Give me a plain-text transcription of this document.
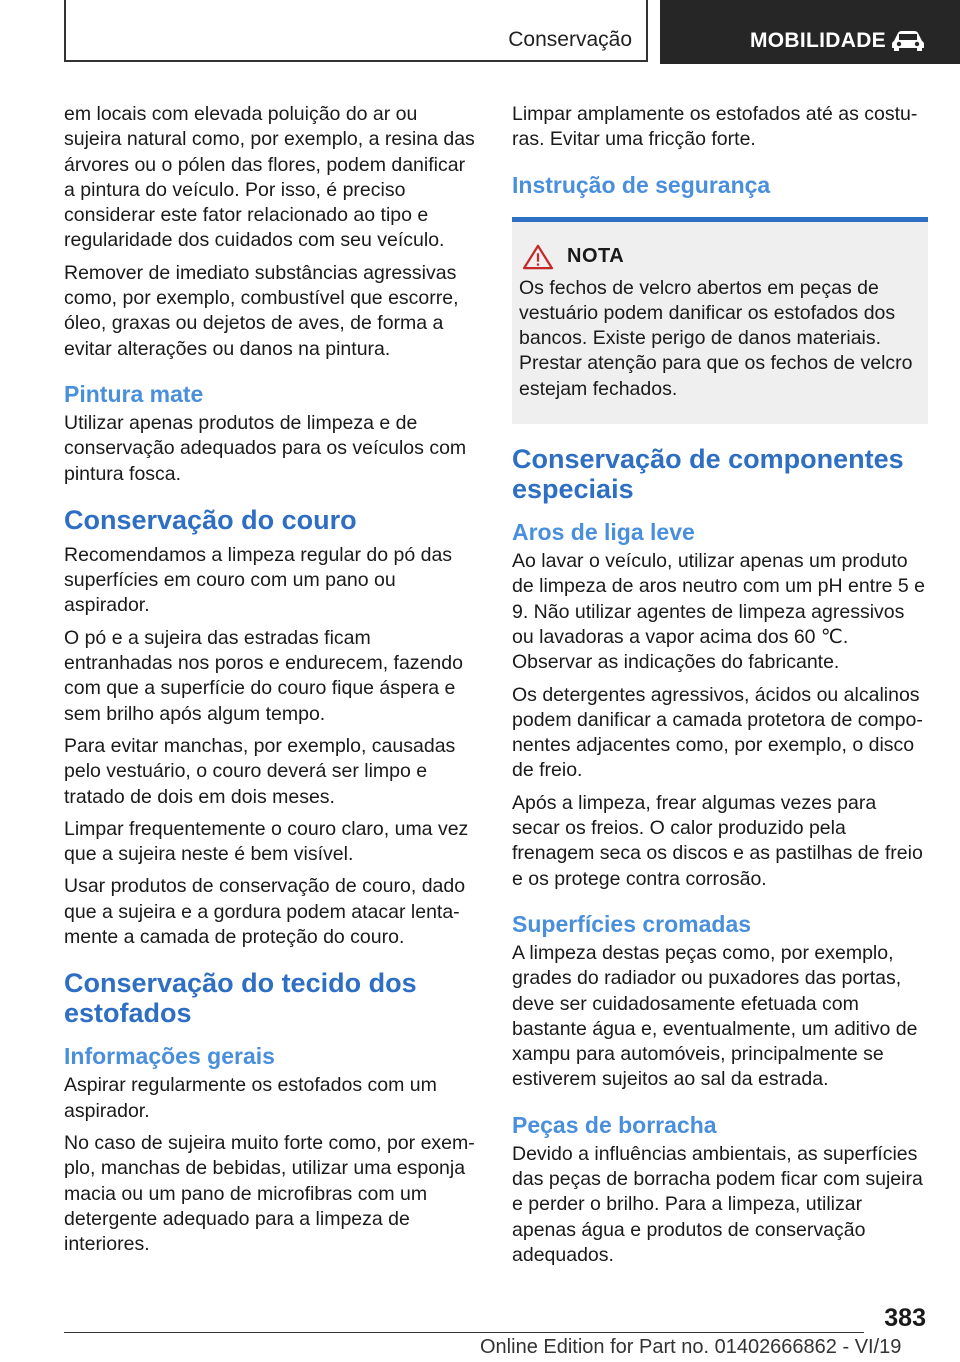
Conservação	MOBILIDADE

em locais com elevada poluição do ar ou sujeira natural como, por exemplo, a resina das árvores ou o pólen das flores, podem danificar a pintura do veículo. Por isso, é preciso considerar este fator relacionado ao tipo e regularidade dos cuidados com seu veículo.

Remover de imediato substâncias agressivas como, por exemplo, combustível que escorre, óleo, graxas ou dejetos de aves, de forma a evitar alterações ou danos na pintura.

Pintura mate

Utilizar apenas produtos de limpeza e de conservação adequados para os veículos com pintura fosca.

Conservação do couro

Recomendamos a limpeza regular do pó das superfícies em couro com um pano ou aspirador.

O pó e a sujeira das estradas ficam entranhadas nos poros e endurecem, fazendo com que a superfície do couro fique áspera e sem brilho após algum tempo.

Para evitar manchas, por exemplo, causadas pelo vestuário, o couro deverá ser limpo e tratado de dois em dois meses.

Limpar frequentemente o couro claro, uma vez que a sujeira neste é bem visível.

Usar produtos de conservação de couro, dado que a sujeira e a gordura podem atacar lentamente a camada de proteção do couro.

Conservação do tecido dos estofados
Informações gerais

Aspirar regularmente os estofados com um aspirador.

No caso de sujeira muito forte como, por exemplo, manchas de bebidas, utilizar uma esponja macia ou um pano de microfibras com um detergente adequado para a limpeza de interiores.

Limpar amplamente os estofados até as costuras. Evitar uma fricção forte.

Instrução de segurança
NOTA

Os fechos de velcro abertos em peças de vestuário podem danificar os estofados dos bancos. Existe perigo de danos materiais. Prestar atenção para que os fechos de velcro estejam fechados.

Conservação de componentes especiais
Aros de liga leve

Ao lavar o veículo, utilizar apenas um produto de limpeza de aros neutro com um pH entre 5 e 9. Não utilizar agentes de limpeza agressivos ou lavadoras a vapor acima dos 60 ℃. Observar as indicações do fabricante.

Os detergentes agressivos, ácidos ou alcalinos podem danificar a camada protetora de componentes adjacentes como, por exemplo, o disco de freio.

Após a limpeza, frear algumas vezes para secar os freios. O calor produzido pela frenagem seca os discos e as pastilhas de freio e os protege contra corrosão.

Superfícies cromadas

A limpeza destas peças como, por exemplo, grades do radiador ou puxadores das portas, deve ser cuidadosamente efetuada com bastante água e, eventualmente, um aditivo de xampu para automóveis, principalmente se estiverem sujeitos ao sal da estrada.

Peças de borracha

Devido a influências ambientais, as superfícies das peças de borracha podem ficar com sujeira e perder o brilho. Para a limpeza, utilizar apenas água e produtos de conservação adequados.

383
Online Edition for Part no. 01402666862 - VI/19
